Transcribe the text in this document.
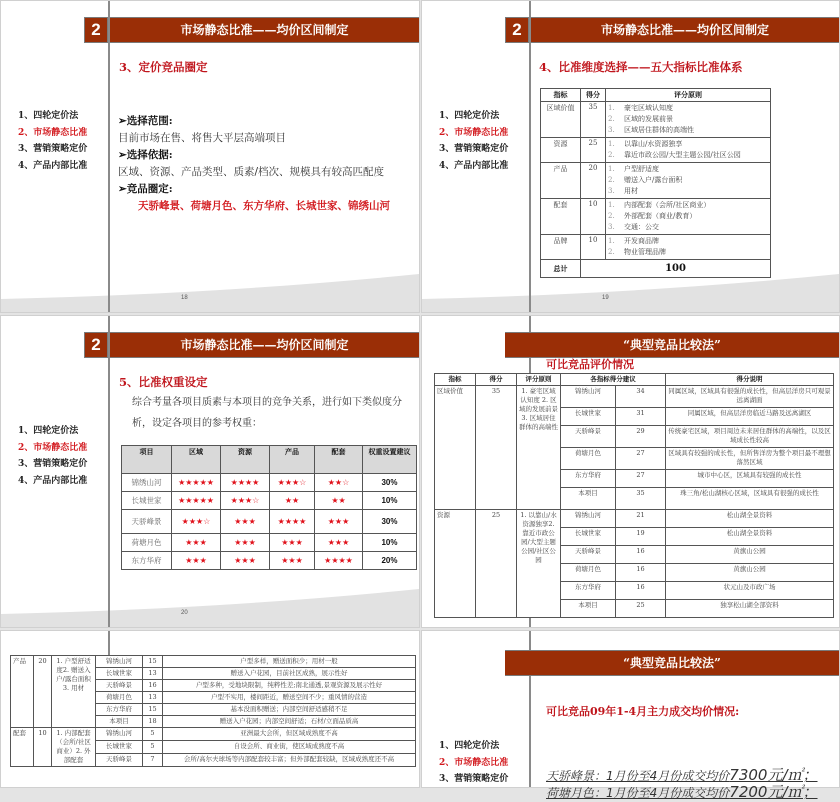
2	市场静态比准——均价区间制定
1、四轮定价法
2、市场静态比准
3、营销策略定价
4、产品内部比准
3、定价竞品圈定
➢选择范围:
目前市场在售、将售大平层高端项目
➢选择依据:
区域、资源、产品类型、质素/档次、规模具有较高匹配度
➢竞品圈定:
天骄峰景、荷塘月色、东方华府、长城世家、锦绣山河
18
2	市场静态比准——均价区间制定
1、四轮定价法
2、市场静态比准
3、营销策略定价
4、产品内部比准
4、比准维度选择——五大指标比准体系
指标	得分	评分原则
区域价值	35	1. 豪宅区域认知度
2. 区域的发展前景
3. 区域居住群体的高端性

资源	25	1. 以靠山/水资源独享
2. 靠近市政公园/大型主题公园/社区公园

产品	20	1. 户型舒适度
2. 赠送入户/露台面积
3. 用材

配套	10	1. 内部配套（会所/社区商业）
2. 外部配套（商业/教育）
3. 交通：公交

品牌	10	1. 开发商品牌
2. 物业管理品牌

总计	100	
19
2	市场静态比准——均价区间制定
1、四轮定价法
2、市场静态比准
3、营销策略定价
4、产品内部比准
5、比准权重设定
综合考量各项目质素与本项目的竞争关系，进行如下类似度分析，设定各项目的参考权重：
项目	区域	资源	产品	配套	权重设置建议
锦绣山河	★★★★★	★★★★	★★★☆	★★☆	30%
长城世家	★★★★★	★★★☆	★★	★★	10%
天骄峰景	★★★☆	★★★	★★★★	★★★	30%
荷塘月色	★★★	★★★	★★★	★★★	10%
东方华府	★★★	★★★	★★★	★★★★	20%
20
“典型竞品比较法”
可比竞品评价情况
指标	得分	评分原则	各指标得分建议		得分说明
区域价值	35	1. 豪宅区域认知度 2. 区域的发展前景 3. 区域居住群体的高端性	锦绣山河	34	同属区域，区域具有很强的成长性，但高层洋房只可观景远离湖面
			长城世家	31	同属区域，但高层洋房临近马路及远离湖区
			天骄峰景	29	传统豪宅区域，项目周边未来居住群体的高端性，以及区域成长性较高
			荷塘月色	27	区域具有较强的成长性，但所售洋房为整个项目最不理想落然区域
			东方华府	27	城市中心区，区域具有较强的成长性
			本项目	35	珠三角/松山湖核心区域，区域具有很强的成长性
资源	25	1. 以靠山/水资源独享2. 靠近市政公园/大型主题公园/社区公园	锦绣山河	21	松山湖全景资料
			长城世家	19	松山湖全景资料
			天骄峰景	16	黄旗山公园
			荷塘月色	16	黄旗山公园
			东方华府	16	状元山及市政广场
			本项目	25	独享松山湖全部资料
产品	20	1. 户型舒适度2. 赠送入户/露台面积 3. 用材	锦绣山河	15	户型多样，赠送面积少；用材一般
			长城世家	13	赠送入户花园，目前社区成熟，展示性好
			天骄峰景	16	户型多种，受地块限制，纯粹性差;南北通透,景观资源及展示性好
			荷塘月色	13	户型不实用，楼间距近，赠送空间不少；重风情的营造
			东方华府	15	基本没面积赠送；内部空间舒适感稍不足
			本项目	18	赠送入户花园；内部空间舒适；石材/立面品质高
配套	10	1. 内部配套（会所/社区商业）2. 外部配套	锦绣山河	5	亚洲最大会所，但区域成熟度不高
			长城世家	5	自设会所、商业街，使区域成熟度不高
			天骄峰景	7	会所/高尔夫球场等内部配套较丰富；但外部配套较缺，区域成熟度还不高
“典型竞品比较法”
可比竞品09年1-4月主力成交均价情况:
1、四轮定价法
2、市场静态比准
3、营销策略定价	天骄峰景：1月份至4月份成交均价7300元/㎡；
荷塘月色：1月份至4月份成交均价7200元/㎡；
